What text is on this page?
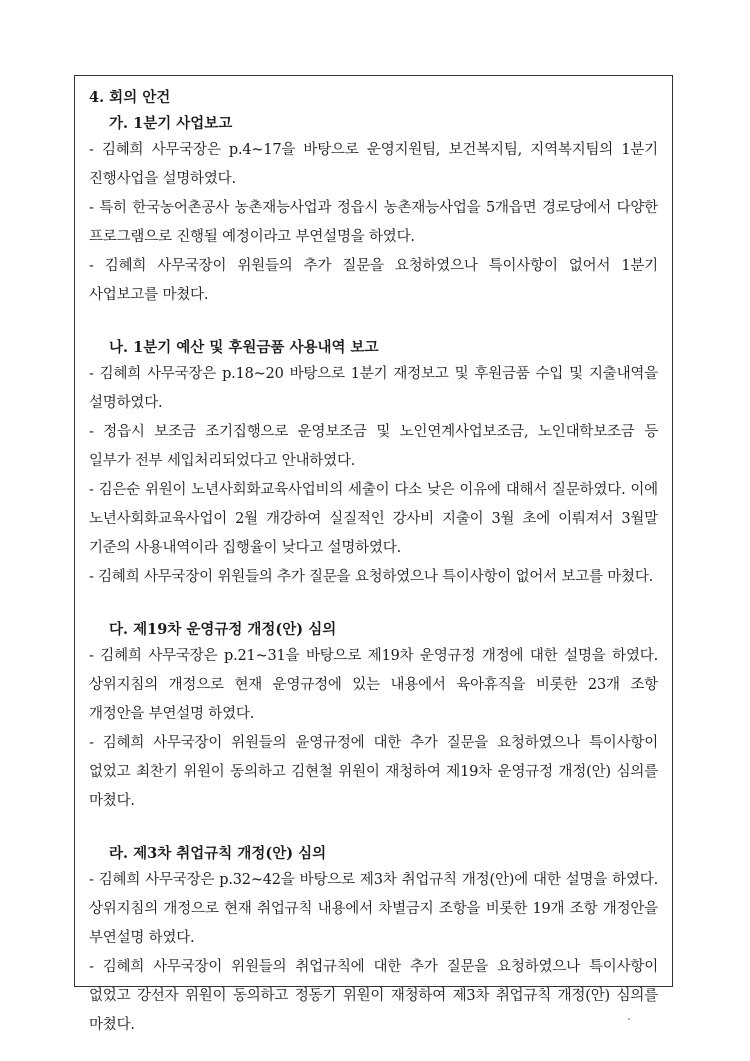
4. 회의 안건
가. 1분기 사업보고

- 김혜희 사무국장은 p.4~17을 바탕으로 운영지원팀, 보건복지팀, 지역복지팀의 1분기 진행사업을 설명하였다.

- 특히 한국농어촌공사 농촌재능사업과 정읍시 농촌재능사업을 5개읍면 경로당에서 다양한 프로그램으로 진행될 예정이라고 부연설명을 하였다.

- 김혜희 사무국장이 위원들의 추가 질문을 요청하였으나 특이사항이 없어서 1분기 사업보고를 마쳤다.

나. 1분기 예산 및 후원금품 사용내역 보고

- 김혜희 사무국장은 p.18~20 바탕으로 1분기 재정보고 및 후원금품 수입 및 지출내역을 설명하였다.

- 정읍시 보조금 조기집행으로 운영보조금 및 노인연계사업보조금, 노인대학보조금 등 일부가 전부 세입처리되었다고 안내하였다.

- 김은순 위원이 노년사회화교육사업비의 세출이 다소 낮은 이유에 대해서 질문하였다. 이에 노년사회화교육사업이 2월 개강하여 실질적인 강사비 지출이 3월 초에 이뤄져서 3월말 기준의 사용내역이라 집행율이 낮다고 설명하였다.

- 김혜희 사무국장이 위원들의 추가 질문을 요청하였으나 특이사항이 없어서 보고를 마쳤다.

다. 제19차 운영규정 개정(안) 심의

- 김혜희 사무국장은 p.21~31을 바탕으로 제19차 운영규정 개정에 대한 설명을 하였다. 상위지침의 개정으로 현재 운영규정에 있는 내용에서 육아휴직을 비롯한 23개 조항 개정안을 부연설명 하였다.

- 김혜희 사무국장이 위원들의 윤영규정에 대한 추가 질문을 요청하였으나 특이사항이 없었고 최찬기 위원이 동의하고 김현철 위원이 재청하여 제19차 운영규정 개정(안) 심의를 마쳤다.

라. 제3차 취업규칙 개정(안) 심의

- 김혜희 사무국장은 p.32~42을 바탕으로 제3차 취업규칙 개정(안)에 대한 설명을 하였다. 상위지침의 개정으로 현재 취업규칙 내용에서 차별금지 조항을 비롯한 19개 조항 개정안을 부연설명 하였다.

- 김혜희 사무국장이 위원들의 취업규칙에 대한 추가 질문을 요청하였으나 특이사항이 없었고 강선자 위원이 동의하고 정동기 위원이 재청하여 제3차 취업규칙 개정(안) 심의를 마쳤다.
